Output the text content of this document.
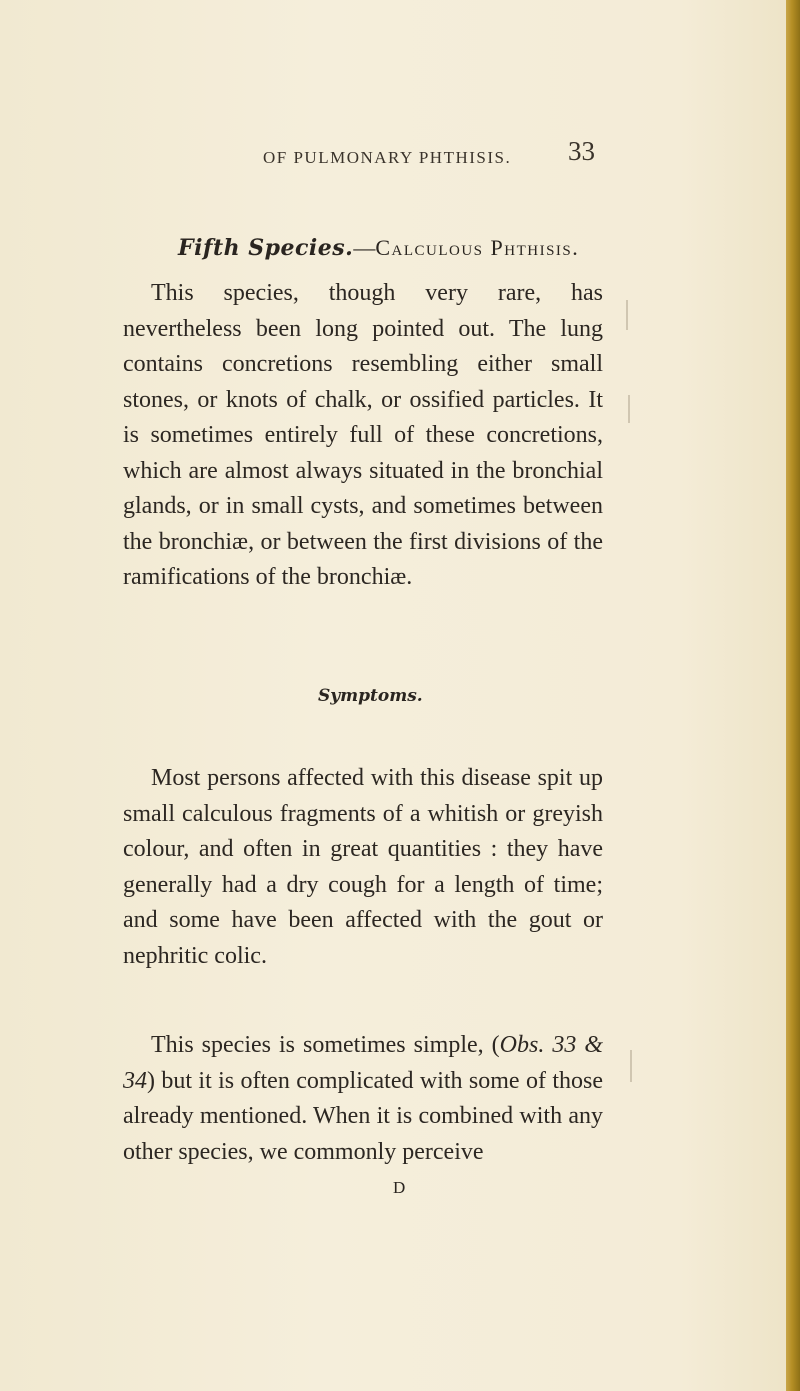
OF PULMONARY PHTHISIS. 33
Fifth Species.—Calculous Phthisis.

This species, though very rare, has nevertheless been long pointed out. The lung contains concretions resembling either small stones, or knots of chalk, or ossified particles. It is sometimes entirely full of these concretions, which are almost always situated in the bronchial glands, or in small cysts, and sometimes between the bronchiæ, or between the first divisions of the ramifications of the bronchiæ.

Symptoms.

Most persons affected with this disease spit up small calculous fragments of a whitish or greyish colour, and often in great quantities : they have generally had a dry cough for a length of time; and some have been affected with the gout or nephritic colic.

This species is sometimes simple, (Obs. 33 & 34) but it is often complicated with some of those already mentioned. When it is combined with any other species, we commonly perceive

D
